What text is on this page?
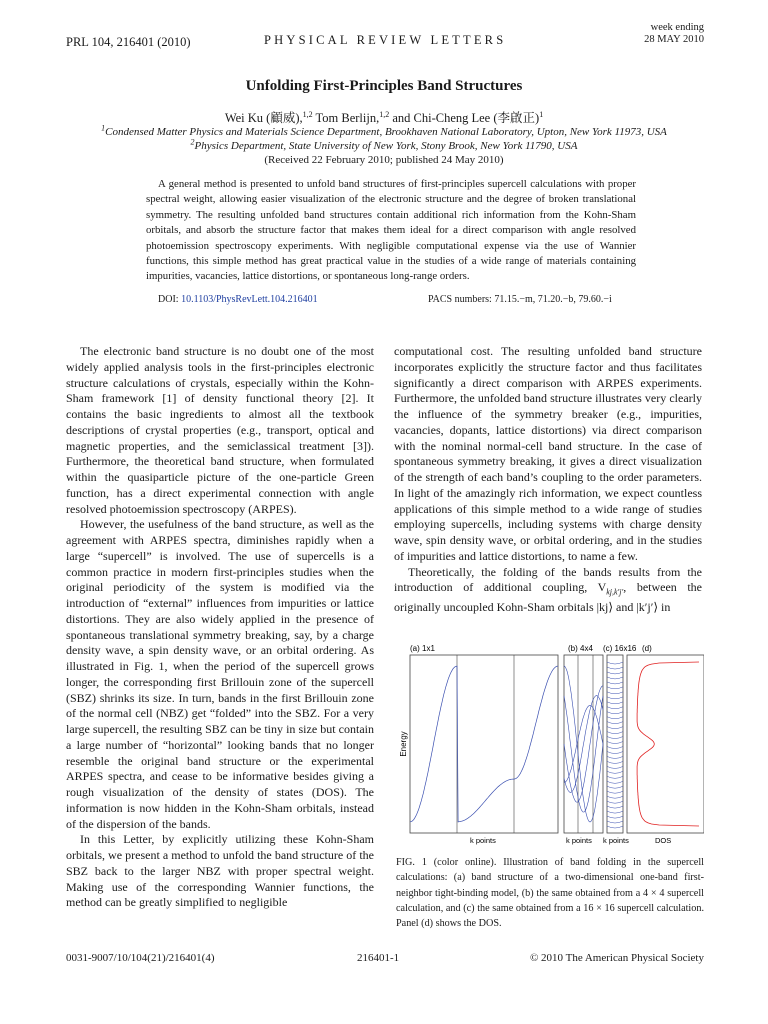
PRL 104, 216401 (2010)	PHYSICAL REVIEW LETTERS
week ending
28 MAY 2010
Unfolding First-Principles Band Structures
Wei Ku (顧威),$^{1,2}$ Tom Berlijn,$^{1,2}$ and Chi-Cheng Lee (李啟正)$^1$
$^1$Condensed Matter Physics and Materials Science Department, Brookhaven National Laboratory, Upton, New York 11973, USA
$^2$Physics Department, State University of New York, Stony Brook, New York 11790, USA
(Received 22 February 2010; published 24 May 2010)

A general method is presented to unfold band structures of first-principles supercell calculations with proper spectral weight, allowing easier visualization of the electronic structure and the degree of broken translational symmetry. The resulting unfolded band structures contain additional rich information from the Kohn-Sham orbitals, and absorb the structure factor that makes them ideal for a direct comparison with angle resolved photoemission spectroscopy experiments. With negligible computational expense via the use of Wannier functions, this simple method has great practical value in the studies of a wide range of materials containing impurities, vacancies, lattice distortions, or spontaneous long-range orders.

DOI: 10.1103/PhysRevLett.104.216401	PACS numbers: 71.15.−m, 71.20.−b, 79.60.−i

The electronic band structure is no doubt one of the most widely applied analysis tools in the first-principles electronic structure calculations of crystals, especially within the Kohn-Sham framework [1] of density functional theory [2]. It contains the basic ingredients to almost all the textbook descriptions of crystal properties (e.g., transport, optical and magnetic properties, and the semiclassical treatment [3]). Furthermore, the theoretical band structure, when formulated within the quasiparticle picture of the one-particle Green function, has a direct experimental connection with angle resolved photoemission spectroscopy (ARPES).

However, the usefulness of the band structure, as well as the agreement with ARPES spectra, diminishes rapidly when a large “supercell” is involved. The use of supercells is a common practice in modern first-principles studies when the original periodicity of the system is modified via the introduction of “external” influences from impurities or lattice distortions. They are also widely applied in the presence of spontaneous translational symmetry breaking, say, by a charge density wave, a spin density wave, or an orbital ordering. As illustrated in Fig. 1, when the period of the supercell grows longer, the corresponding first Brillouin zone of the supercell (SBZ) shrinks its size. In turn, bands in the first Brillouin zone of the normal cell (NBZ) get “folded” into the SBZ. For a very large supercell, the resulting SBZ can be tiny in size but contain a large number of “horizontal” looking bands that no longer resemble the original band structure or the experimental ARPES spectra, and cease to be informative besides giving a rough visualization of the density of states (DOS). The information is now hidden in the Kohn-Sham orbitals, instead of the dispersion of the bands.

In this Letter, by explicitly utilizing these Kohn-Sham orbitals, we present a method to unfold the band structure of the SBZ back to the larger NBZ with proper spectral weight. Making use of the corresponding Wannier functions, the method can be greatly simplified to negligible

computational cost. The resulting unfolded band structure incorporates explicitly the structure factor and thus facilitates significantly a direct comparison with ARPES experiments. Furthermore, the unfolded band structure illustrates very clearly the influence of the symmetry breaker (e.g., impurities, vacancies, dopants, lattice distortions) via direct comparison with the nominal normal-cell band structure. In the case of spontaneous symmetry breaking, it gives a direct visualization of the strength of each band’s coupling to the order parameters. In light of the amazingly rich information, we expect countless applications of this simple method to a wide range of studies employing supercells, including systems with charge density wave, spin density wave, or orbital ordering, and in the studies of impurities and lattice distortions, to name a few.

Theoretically, the folding of the bands results from the introduction of additional coupling, $V_{kj,k'j'}$, between the originally uncoupled Kohn-Sham orbitals |kj⟩ and |k′j′⟩ in

(a) 1x1	(b) 4x4 (c) 16x16 (d)
Energy
k points	k points k points	DOS

FIG. 1 (color online). Illustration of band folding in the supercell calculations: (a) band structure of a two-dimensional one-band first-neighbor tight-binding model, (b) the same obtained from a 4 × 4 supercell calculation, and (c) the same obtained from a 16 × 16 supercell calculation. Panel (d) shows the DOS.

0031-9007/10/104(21)/216401(4)	216401-1	© 2010 The American Physical Society
